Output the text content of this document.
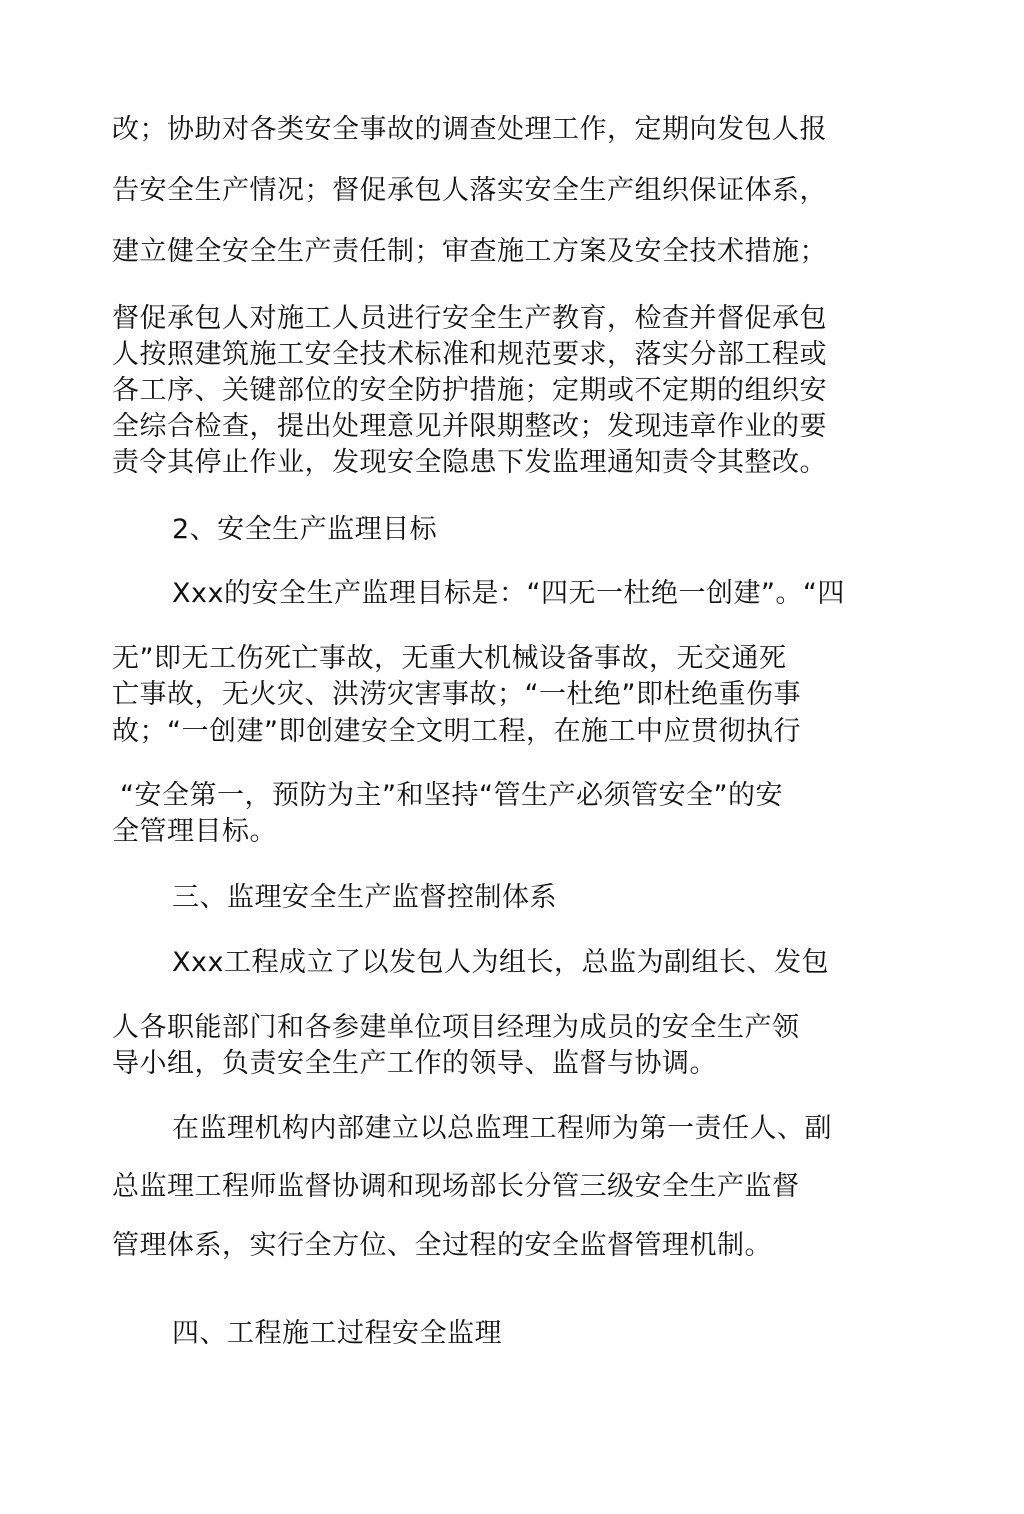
改；协助对各类安全事故的调查处理工作，定期向发包人报

告安全生产情况；督促承包人落实安全生产组织保证体系，

建立健全安全生产责任制；审查施工方案及安全技术措施；

督促承包人对施工人员进行安全生产教育，检查并督促承包

人按照建筑施工安全技术标准和规范要求，落实分部工程或

各工序、关键部位的安全防护措施；定期或不定期的组织安

全综合检查，提出处理意见并限期整改；发现违章作业的要

责令其停止作业，发现安全隐患下发监理通知责令其整改。

2、安全生产监理目标

Xxx的安全生产监理目标是：“四无一杜绝一创建”。“四

无”即无工伤死亡事故，无重大机械设备事故，无交通死

亡事故，无火灾、洪涝灾害事故；“一杜绝”即杜绝重伤事

故；“一创建”即创建安全文明工程，在施工中应贯彻执行

“安全第一，预防为主”和坚持“管生产必须管安全”的安

全管理目标。

三、监理安全生产监督控制体系

Xxx工程成立了以发包人为组长，总监为副组长、发包

人各职能部门和各参建单位项目经理为成员的安全生产领

导小组，负责安全生产工作的领导、监督与协调。

在监理机构内部建立以总监理工程师为第一责任人、副

总监理工程师监督协调和现场部长分管三级安全生产监督

管理体系，实行全方位、全过程的安全监督管理机制。

四、工程施工过程安全监理
